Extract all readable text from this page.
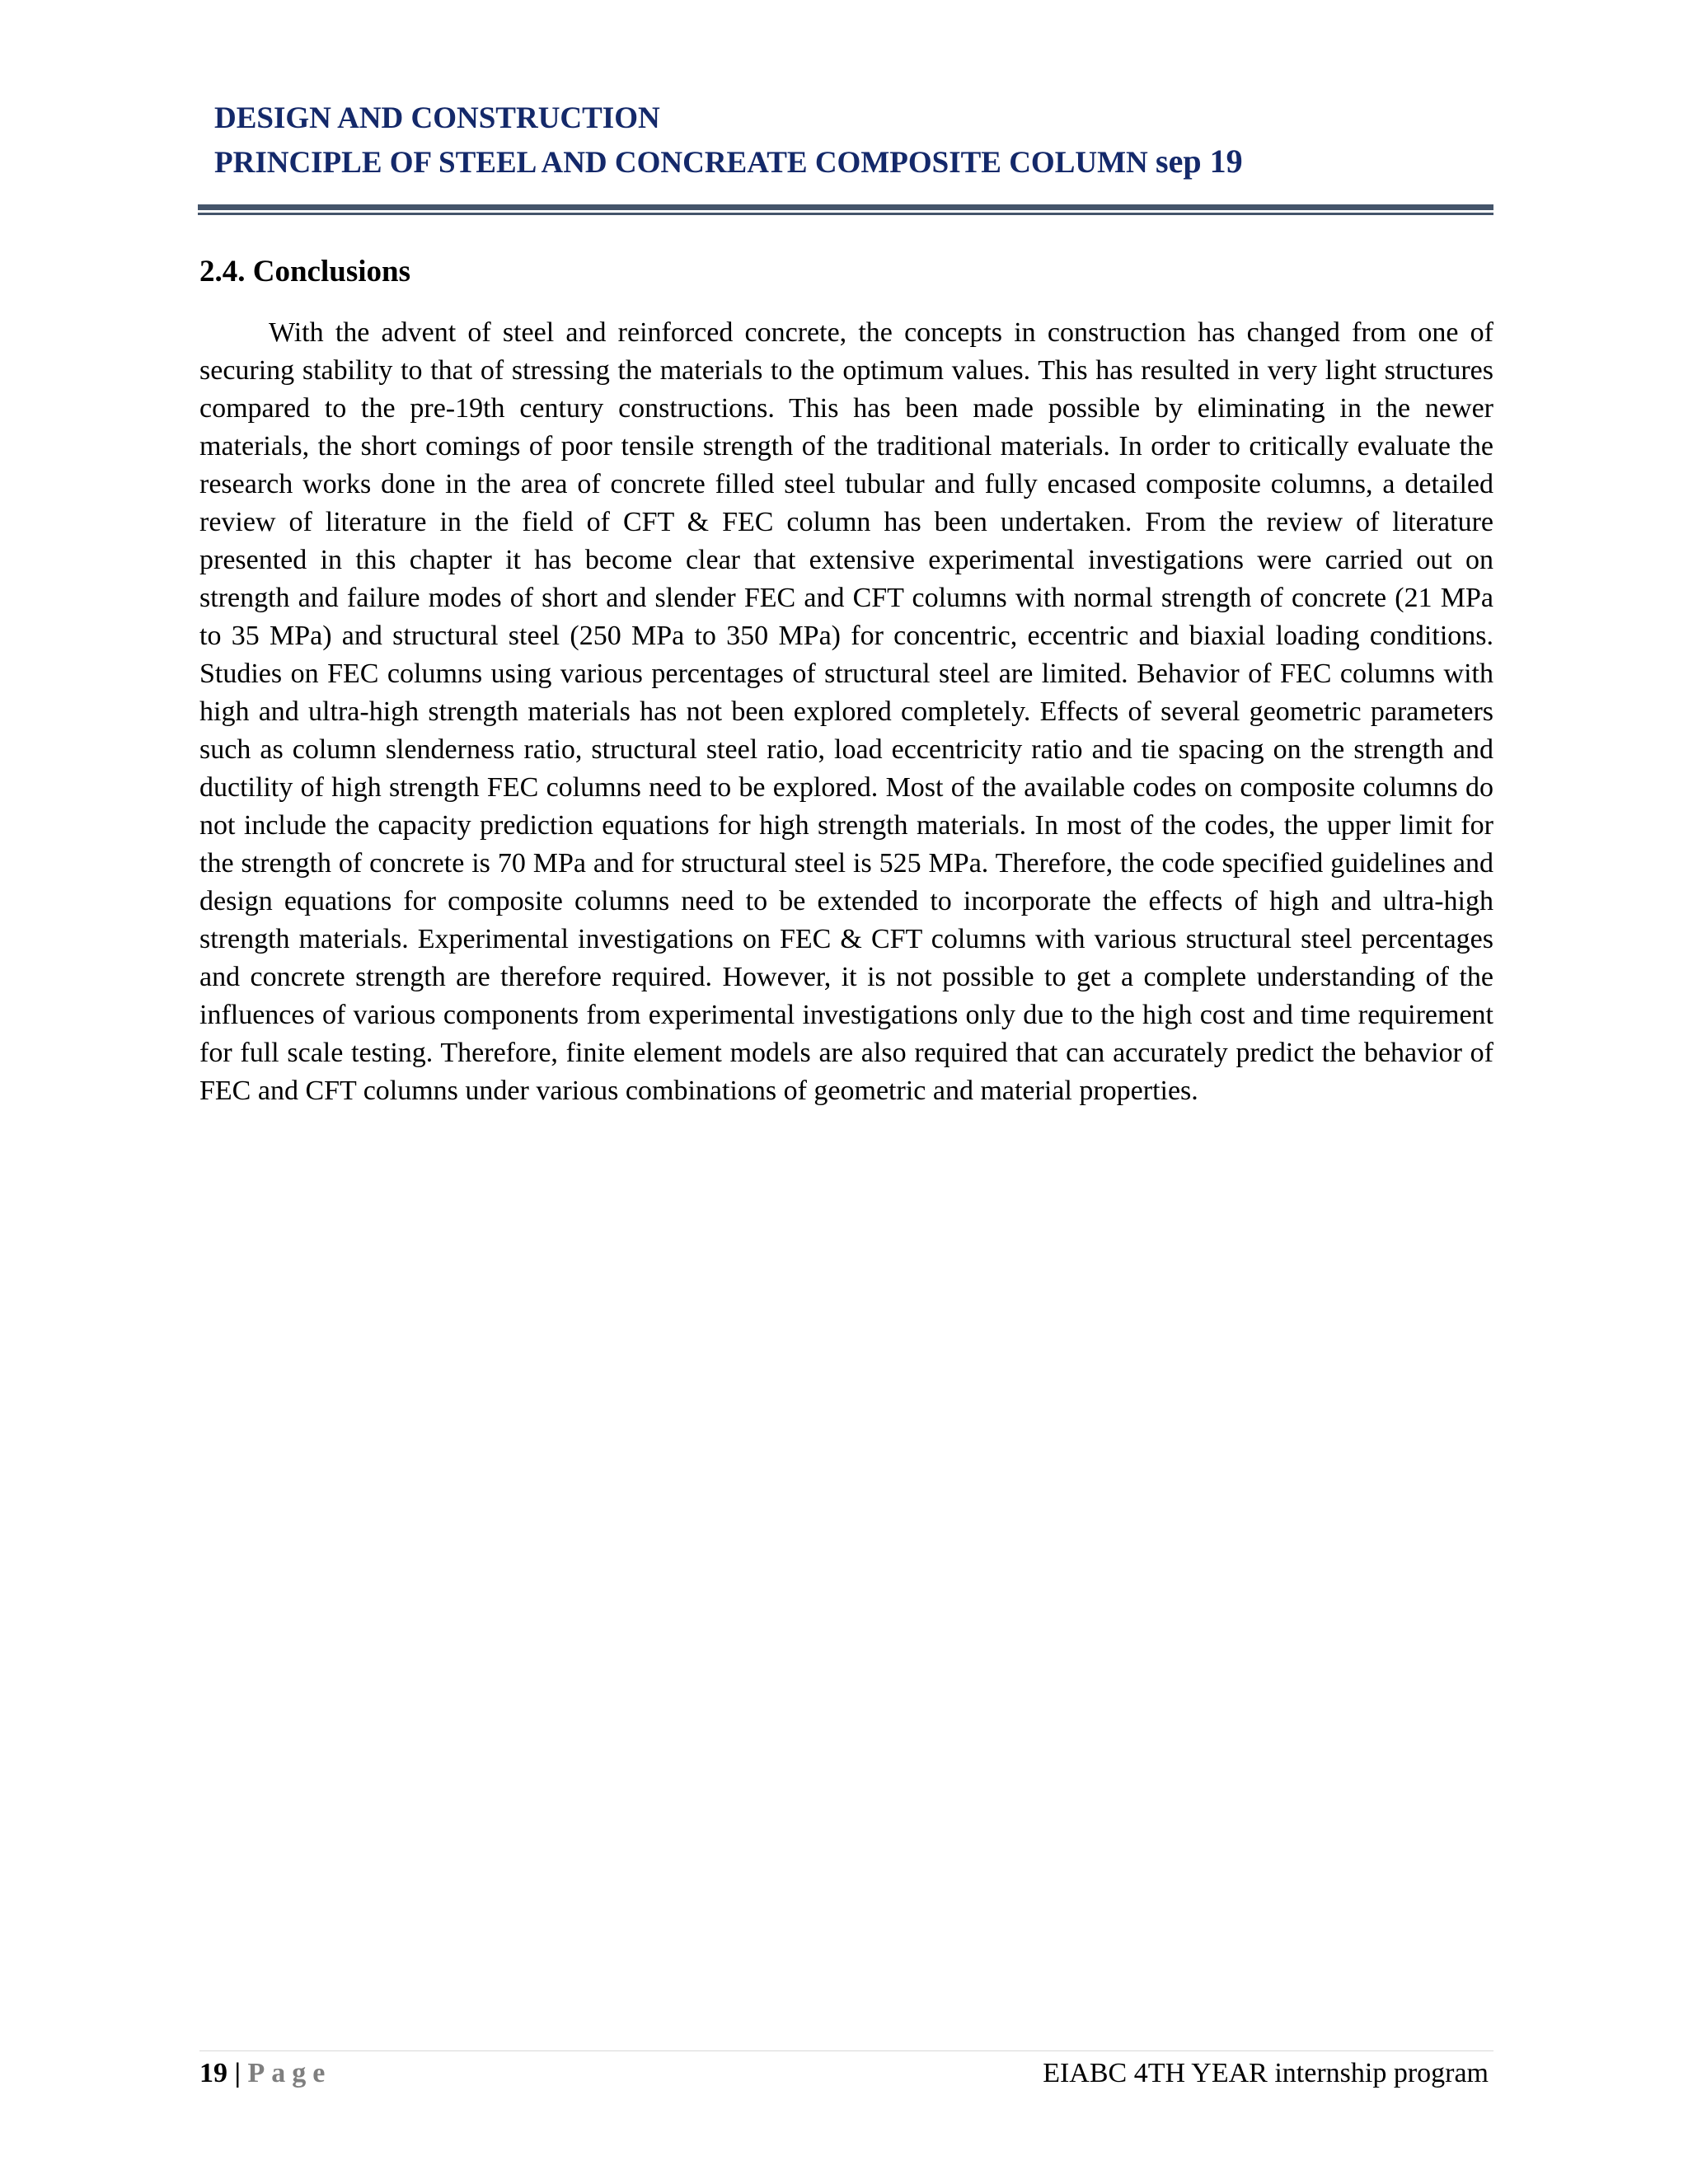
DESIGN AND CONSTRUCTION
PRINCIPLE OF STEEL AND CONCREATE COMPOSITE COLUMN sep 19
2.4. Conclusions

With the advent of steel and reinforced concrete, the concepts in construction has changed from one of securing stability to that of stressing the materials to the optimum values. This has resulted in very light structures compared to the pre-19th century constructions. This has been made possible by eliminating in the newer materials, the short comings of poor tensile strength of the traditional materials. In order to critically evaluate the research works done in the area of concrete filled steel tubular and fully encased composite columns, a detailed review of literature in the field of CFT & FEC column has been undertaken. From the review of literature presented in this chapter it has become clear that extensive experimental investigations were carried out on strength and failure modes of short and slender FEC and CFT columns with normal strength of concrete (21 MPa to 35 MPa) and structural steel (250 MPa to 350 MPa) for concentric, eccentric and biaxial loading conditions. Studies on FEC columns using various percentages of structural steel are limited. Behavior of FEC columns with high and ultra-high strength materials has not been explored completely. Effects of several geometric parameters such as column slenderness ratio, structural steel ratio, load eccentricity ratio and tie spacing on the strength and ductility of high strength FEC columns need to be explored. Most of the available codes on composite columns do not include the capacity prediction equations for high strength materials. In most of the codes, the upper limit for the strength of concrete is 70 MPa and for structural steel is 525 MPa. Therefore, the code specified guidelines and design equations for composite columns need to be extended to incorporate the effects of high and ultra-high strength materials. Experimental investigations on FEC & CFT columns with various structural steel percentages and concrete strength are therefore required. However, it is not possible to get a complete understanding of the influences of various components from experimental investigations only due to the high cost and time requirement for full scale testing. Therefore, finite element models are also required that can accurately predict the behavior of FEC and CFT columns under various combinations of geometric and material properties.

19 | Page	EIABC 4TH YEAR internship program
